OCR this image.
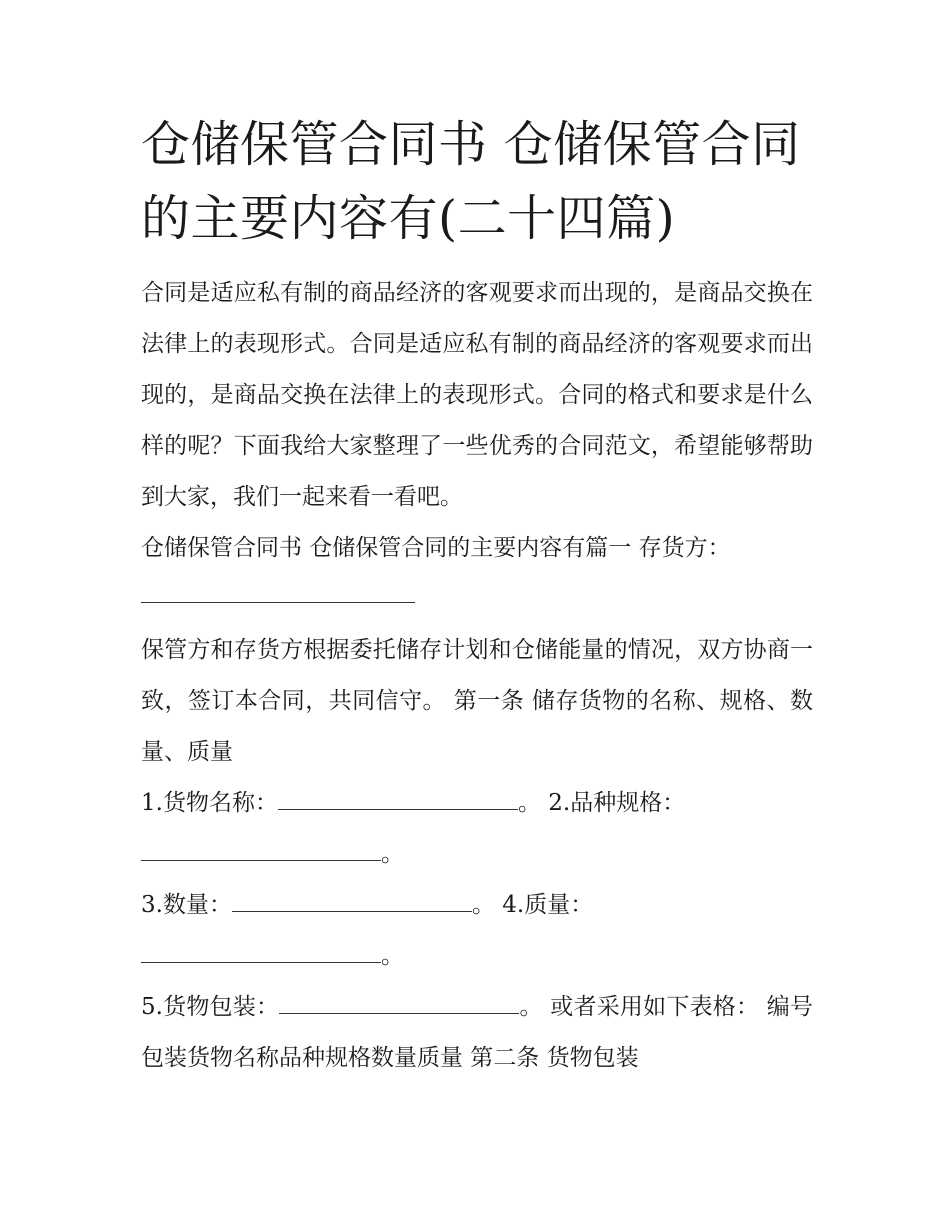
仓储保管合同书 仓储保管合同的主要内容有(二十四篇)

合同是适应私有制的商品经济的客观要求而出现的，是商品交换在法律上的表现形式。合同是适应私有制的商品经济的客观要求而出现的，是商品交换在法律上的表现形式。合同的格式和要求是什么样的呢？下面我给大家整理了一些优秀的合同范文，希望能够帮助到大家，我们一起来看一看吧。

仓储保管合同书 仓储保管合同的主要内容有篇一 存货方：

保管方和存货方根据委托储存计划和仓储能量的情况，双方协商一致，签订本合同，共同信守。 第一条 储存货物的名称、规格、数量、质量

1.货物名称：	。 2.品种规格：

。

3.数量：	。 4.质量：

。

5.货物包装：	。 或者采用如下表格： 编号包装货物名称品种规格数量质量 第二条 货物包装
